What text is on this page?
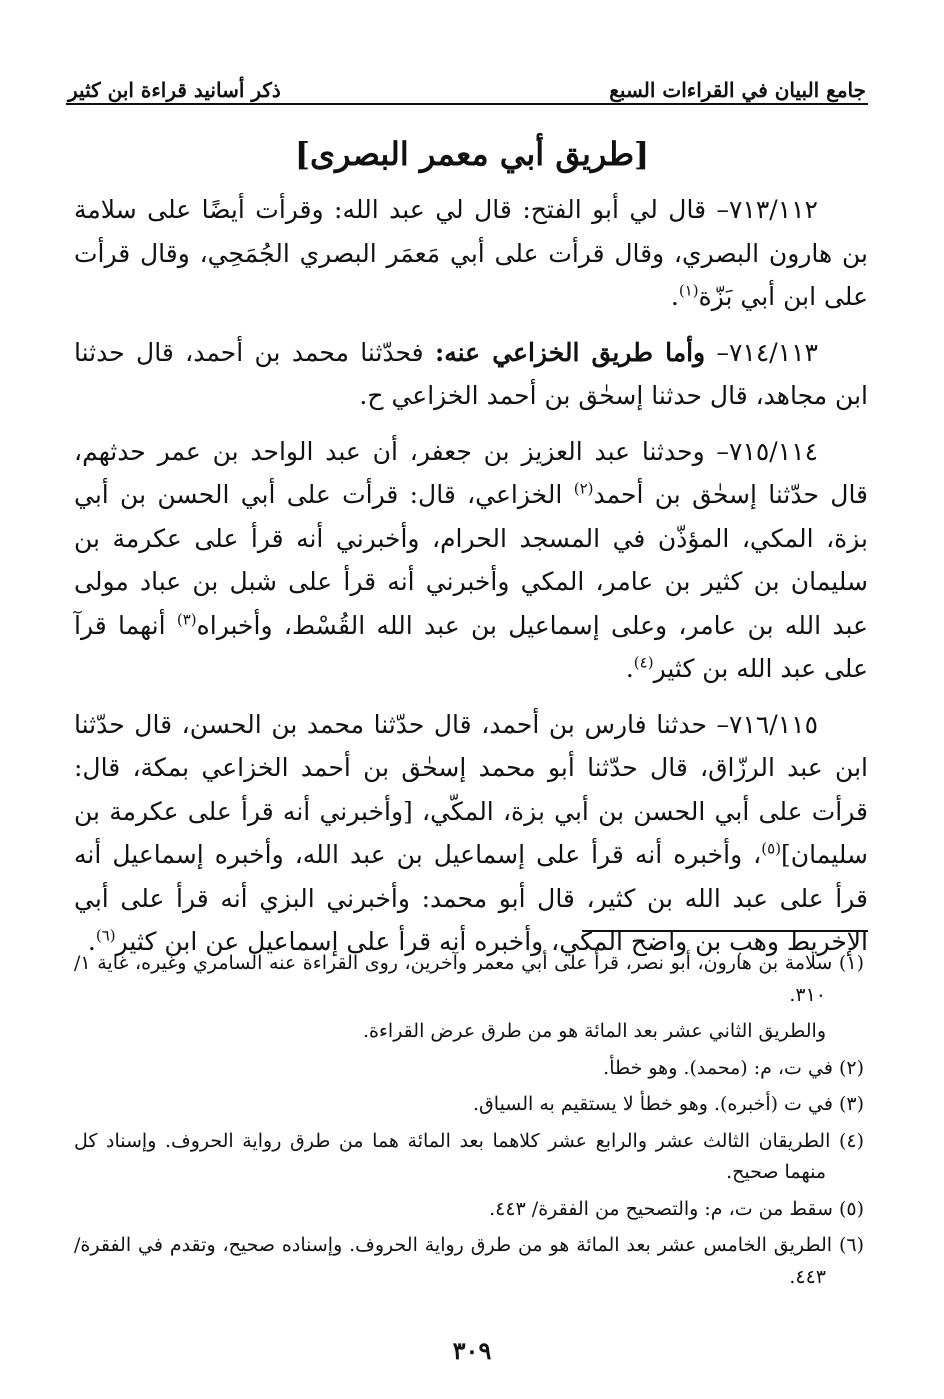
جامع البيان في القراءات السبع
ذكر أسانيد قراءة ابن كثير
[طريق أبي معمر البصرى]

٧١٣/١١٢– قال لي أبو الفتح: قال لي عبد الله: وقرأت أيضًا على سلامة بن هارون البصري، وقال قرأت على أبي مَعمَر البصري الجُمَحِي، وقال قرأت على ابن أبي بَزّة$^{(١)}$.

٧١٤/١١٣– وأما طريق الخزاعي عنه: فحدّثنا محمد بن أحمد، قال حدثنا ابن مجاهد، قال حدثنا إسحٰق بن أحمد الخزاعي ح.

٧١٥/١١٤– وحدثنا عبد العزيز بن جعفر، أن عبد الواحد بن عمر حدثهم، قال حدّثنا إسحٰق بن أحمد$^{(٢)}$ الخزاعي، قال: قرأت على أبي الحسن بن أبي بزة، المكي، المؤذّن في المسجد الحرام، وأخبرني أنه قرأ على عكرمة بن سليمان بن كثير بن عامر، المكي وأخبرني أنه قرأ على شبل بن عباد مولى عبد الله بن عامر، وعلى إسماعيل بن عبد الله القُسْط، وأخبراه$^{(٣)}$ أنهما قرآ على عبد الله بن كثير$^{(٤)}$.

٧١٦/١١٥– حدثنا فارس بن أحمد، قال حدّثنا محمد بن الحسن، قال حدّثنا ابن عبد الرزّاق، قال حدّثنا أبو محمد إسحٰق بن أحمد الخزاعي بمكة، قال: قرأت على أبي الحسن بن أبي بزة، المكّي، [وأخبرني أنه قرأ على عكرمة بن سليمان]$^{(٥)}$، وأخبره أنه قرأ على إسماعيل بن عبد الله، وأخبره إسماعيل أنه قرأ على عبد الله بن كثير، قال أبو محمد: وأخبرني البزي أنه قرأ على أبي الإخريط وهب بن واضح المكي، وأخبره أنه قرأ على إسماعيل عن ابن كثير$^{(٦)}$.

(١) سلامة بن هارون، أبو نصر، قرأ على أبي معمر وآخرين، روى القراءة عنه السامري وغيره، غاية ١/ ٣١٠.

والطريق الثاني عشر بعد المائة هو من طرق عرض القراءة.

(٢) في ت، م: (محمد). وهو خطأ.

(٣) في ت (أخبره). وهو خطأ لا يستقيم به السياق.

(٤) الطريقان الثالث عشر والرابع عشر كلاهما بعد المائة هما من طرق رواية الحروف. وإسناد كل منهما صحيح.

(٥) سقط من ت، م: والتصحيح من الفقرة/ ٤٤٣.

(٦) الطريق الخامس عشر بعد المائة هو من طرق رواية الحروف. وإسناده صحيح، وتقدم في الفقرة/ ٤٤٣.

٣٠٩
